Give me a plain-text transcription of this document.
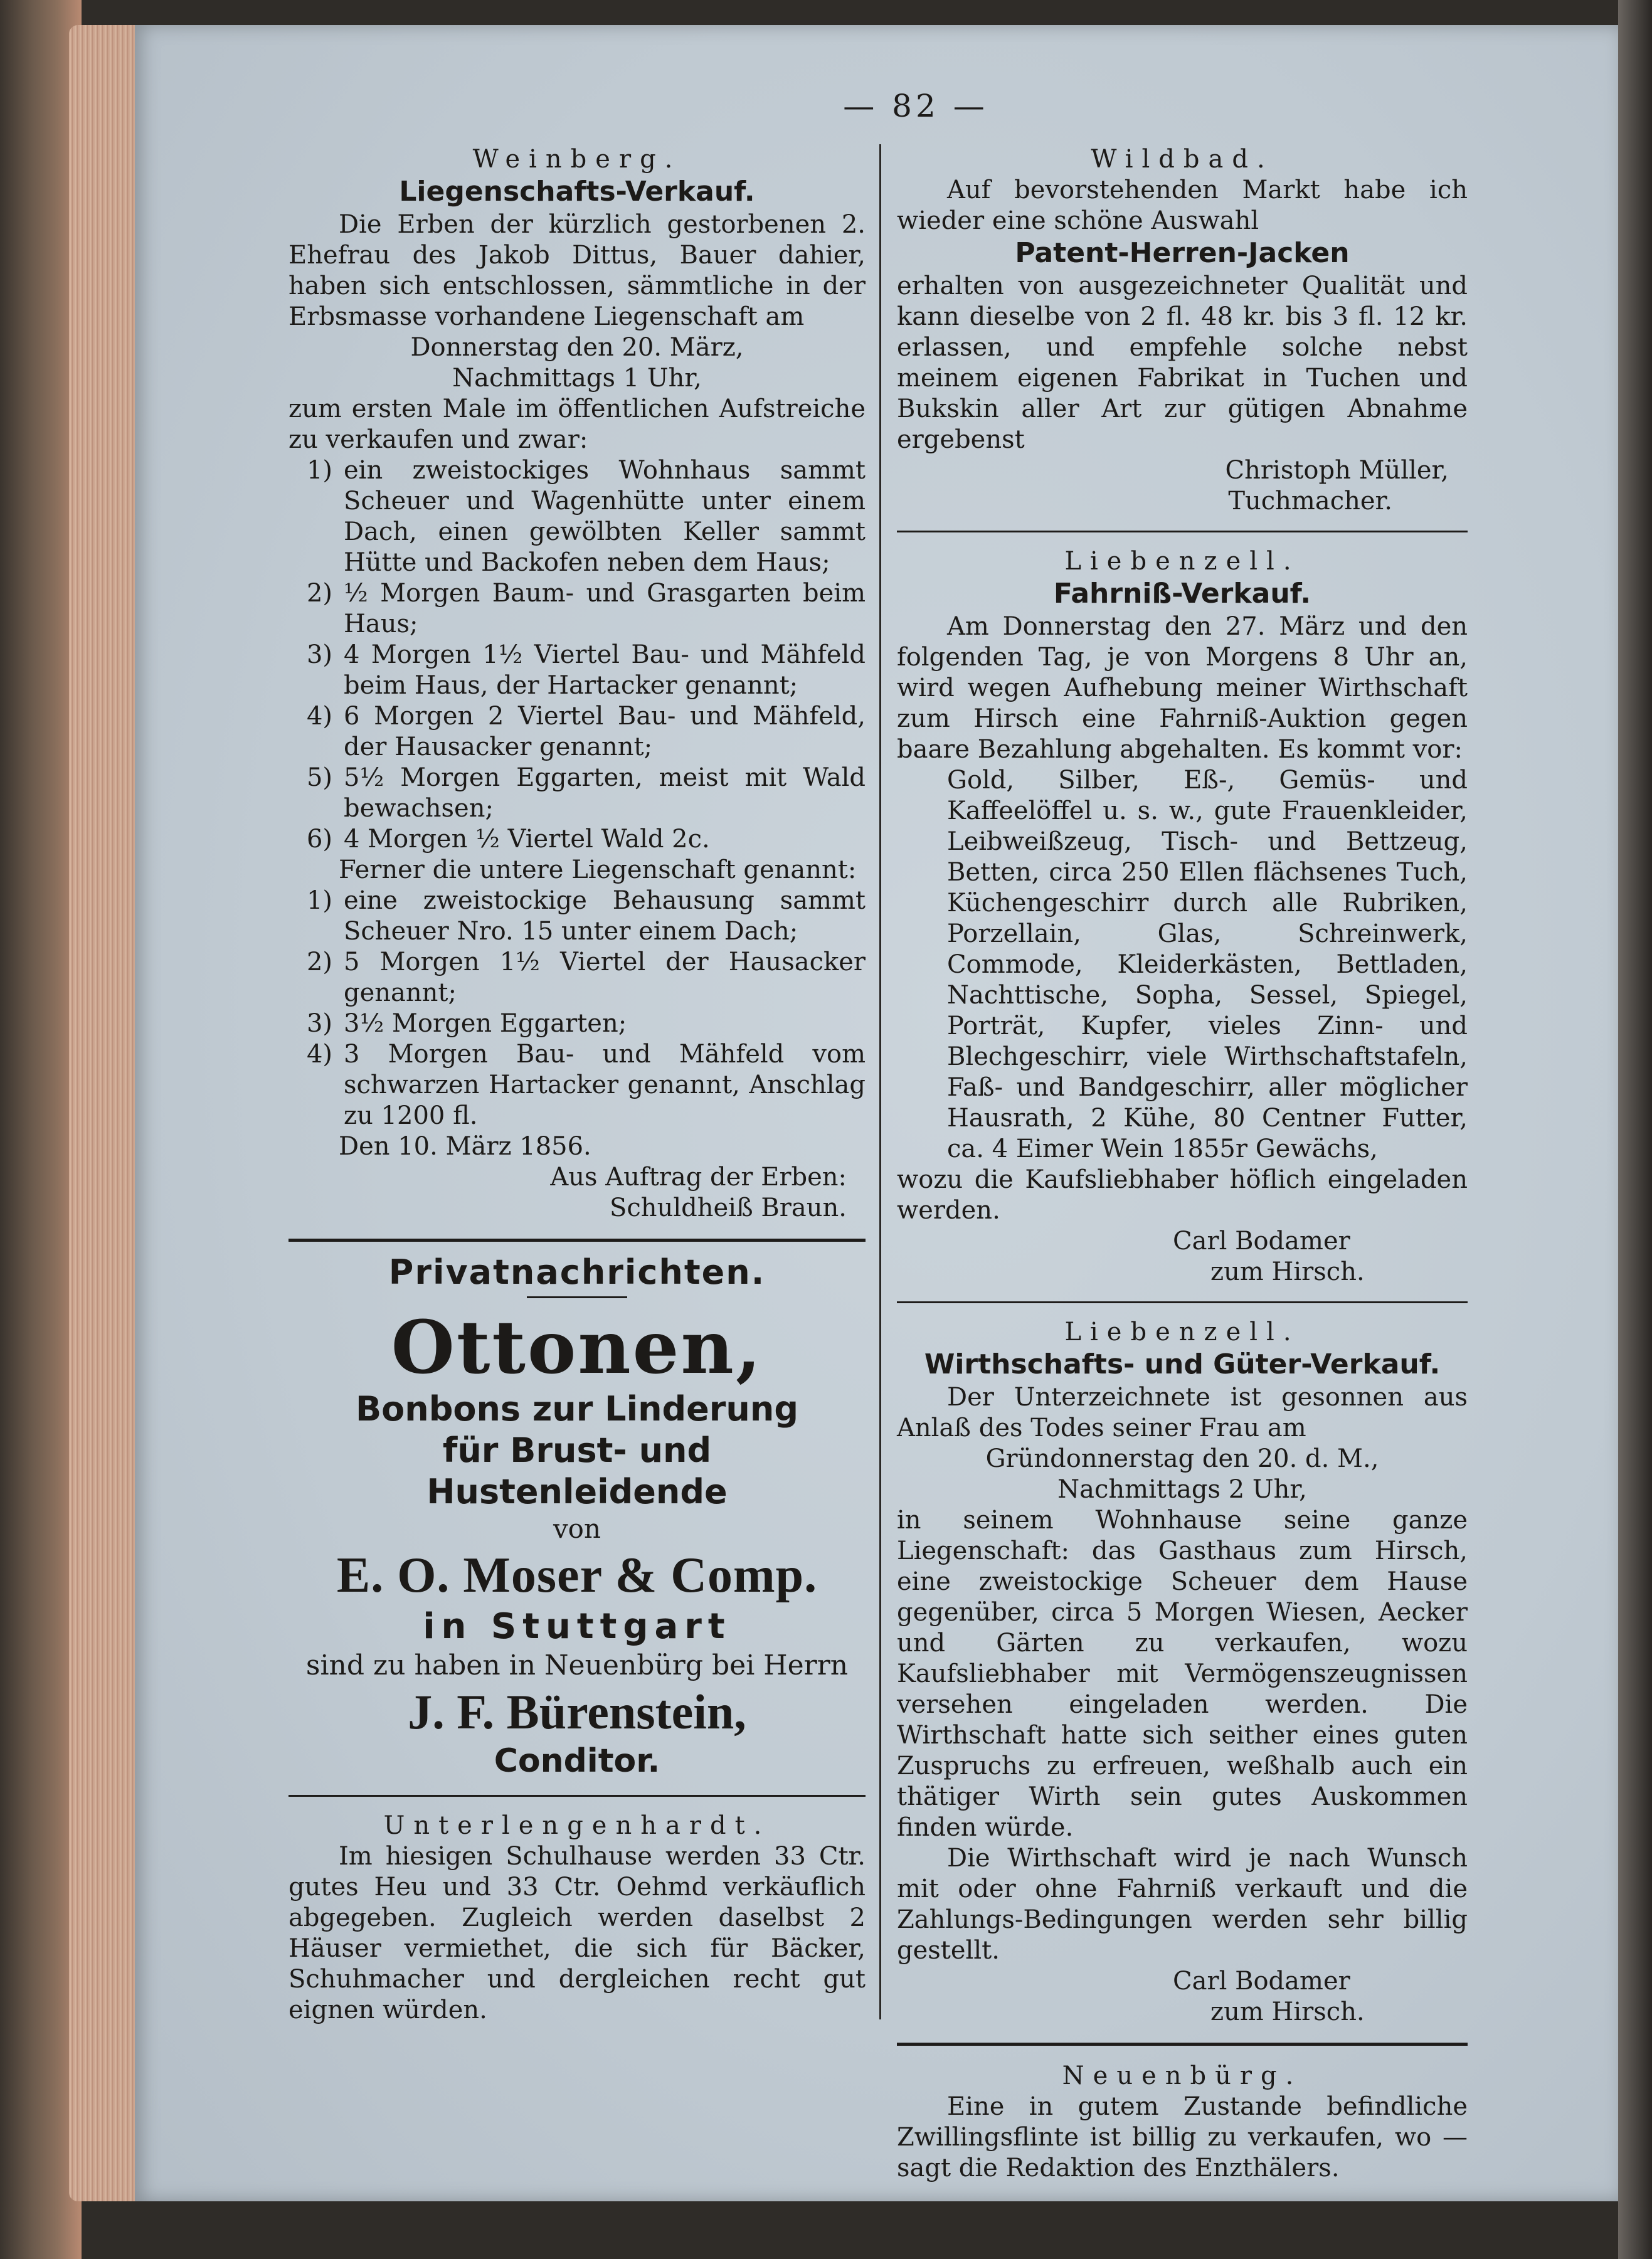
— 82 —

Weinberg.

Liegenschafts-Verkauf.

Die Erben der kürzlich gestorbenen 2. Ehefrau des Jakob Dittus, Bauer dahier, haben sich entschlossen, sämmtliche in der Erbsmasse vorhandene Liegenschaft am

Donnerstag den 20. März,

Nachmittags 1 Uhr,

zum ersten Male im öffentlichen Aufstreiche zu verkaufen und zwar:

1) ein zweistockiges Wohnhaus sammt Scheuer und Wagenhütte unter einem Dach, einen gewölbten Keller sammt Hütte und Backofen neben dem Haus;
2) ½ Morgen Baum- und Grasgarten beim Haus;
3) 4 Morgen 1½ Viertel Bau- und Mähfeld beim Haus, der Hartacker genannt;
4) 6 Morgen 2 Viertel Bau- und Mähfeld, der Hausacker genannt;
5) 5½ Morgen Eggarten, meist mit Wald bewachsen;
6) 4 Morgen ½ Viertel Wald 2c.

Ferner die untere Liegenschaft genannt:

1) eine zweistockige Behausung sammt Scheuer Nro. 15 unter einem Dach;
2) 5 Morgen 1½ Viertel der Hausacker genannt;
3) 3½ Morgen Eggarten;
4) 3 Morgen Bau- und Mähfeld vom schwarzen Hartacker genannt, Anschlag zu 1200 fl.

Den 10. März 1856.

Aus Auftrag der Erben:

Schuldheiß Braun.

Privatnachrichten.

Ottonen,

Bonbons zur Linderung

für Brust- und Hustenleidende

von

E. O. Moser & Comp.

in Stuttgart

sind zu haben in Neuenbürg bei Herrn

J. F. Bürenstein,

Conditor.

Unterlengenhardt.

Im hiesigen Schulhause werden 33 Ctr. gutes Heu und 33 Ctr. Oehmd verkäuflich abgegeben. Zugleich werden daselbst 2 Häuser vermiethet, die sich für Bäcker, Schuhmacher und dergleichen recht gut eignen würden.

Wildbad.

Auf bevorstehenden Markt habe ich wieder eine schöne Auswahl

Patent-Herren-Jacken

erhalten von ausgezeichneter Qualität und kann dieselbe von 2 fl. 48 kr. bis 3 fl. 12 kr. erlassen, und empfehle solche nebst meinem eigenen Fabrikat in Tuchen und Bukskin aller Art zur gütigen Abnahme ergebenst

Christoph Müller,

Tuchmacher.

Liebenzell.

Fahrniß-Verkauf.

Am Donnerstag den 27. März und den folgenden Tag, je von Morgens 8 Uhr an, wird wegen Aufhebung meiner Wirthschaft zum Hirsch eine Fahrniß-Auktion gegen baare Bezahlung abgehalten. Es kommt vor:

Gold, Silber, Eß-, Gemüs- und Kaffeelöffel u. s. w., gute Frauenkleider, Leibweißzeug, Tisch- und Bettzeug, Betten, circa 250 Ellen flächsenes Tuch, Küchengeschirr durch alle Rubriken, Porzellain, Glas, Schreinwerk, Commode, Kleiderkästen, Bettladen, Nachttische, Sopha, Sessel, Spiegel, Porträt, Kupfer, vieles Zinn- und Blechgeschirr, viele Wirthschaftstafeln, Faß- und Bandgeschirr, aller möglicher Hausrath, 2 Kühe, 80 Centner Futter, ca. 4 Eimer Wein 1855r Gewächs,

wozu die Kaufsliebhaber höflich eingeladen werden.

Carl Bodamer

zum Hirsch.

Liebenzell.

Wirthschafts- und Güter-Verkauf.

Der Unterzeichnete ist gesonnen aus Anlaß des Todes seiner Frau am

Gründonnerstag den 20. d. M.,

Nachmittags 2 Uhr,

in seinem Wohnhause seine ganze Liegenschaft: das Gasthaus zum Hirsch, eine zweistockige Scheuer dem Hause gegenüber, circa 5 Morgen Wiesen, Aecker und Gärten zu verkaufen, wozu Kaufsliebhaber mit Vermögenszeugnissen versehen eingeladen werden. Die Wirthschaft hatte sich seither eines guten Zuspruchs zu erfreuen, weßhalb auch ein thätiger Wirth sein gutes Auskommen finden würde.

Die Wirthschaft wird je nach Wunsch mit oder ohne Fahrniß verkauft und die Zahlungs-Bedingungen werden sehr billig gestellt.

Carl Bodamer

zum Hirsch.

Neuenbürg.

Eine in gutem Zustande befindliche Zwillingsflinte ist billig zu verkaufen, wo — sagt die Redaktion des Enzthälers.
